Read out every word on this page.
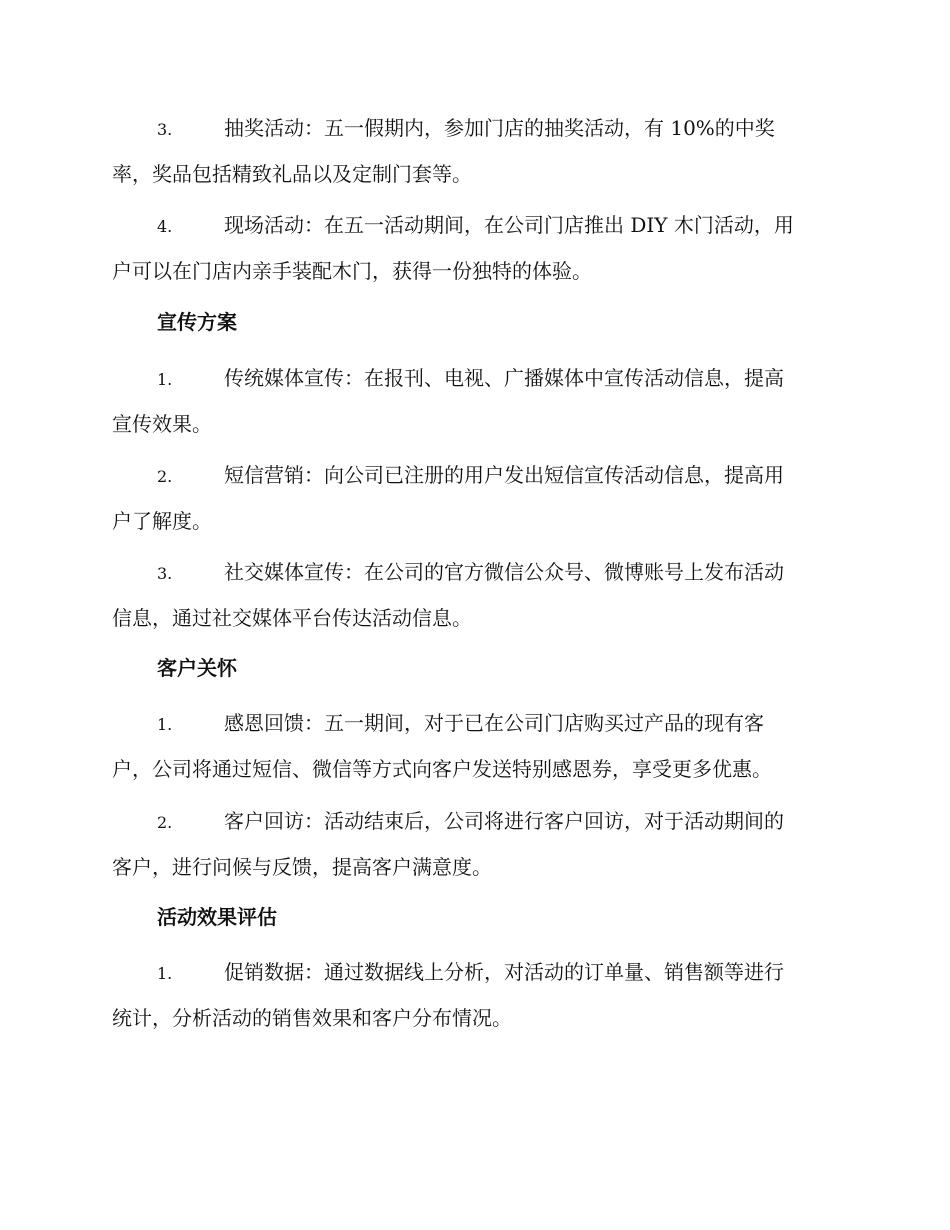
3.	抽奖活动：五一假期内，参加门店的抽奖活动，有 10%的中奖
率，奖品包括精致礼品以及定制门套等。
4.	现场活动：在五一活动期间，在公司门店推出 DIY 木门活动，用
户可以在门店内亲手装配木门，获得一份独特的体验。
宣传方案
1.	传统媒体宣传：在报刊、电视、广播媒体中宣传活动信息，提高
宣传效果。
2.	短信营销：向公司已注册的用户发出短信宣传活动信息，提高用
户了解度。
3.	社交媒体宣传：在公司的官方微信公众号、微博账号上发布活动
信息，通过社交媒体平台传达活动信息。
客户关怀
1.	感恩回馈：五一期间，对于已在公司门店购买过产品的现有客
户，公司将通过短信、微信等方式向客户发送特别感恩券，享受更多优惠。
2.	客户回访：活动结束后，公司将进行客户回访，对于活动期间的
客户，进行问候与反馈，提高客户满意度。
活动效果评估
1.	促销数据：通过数据线上分析，对活动的订单量、销售额等进行
统计，分析活动的销售效果和客户分布情况。
